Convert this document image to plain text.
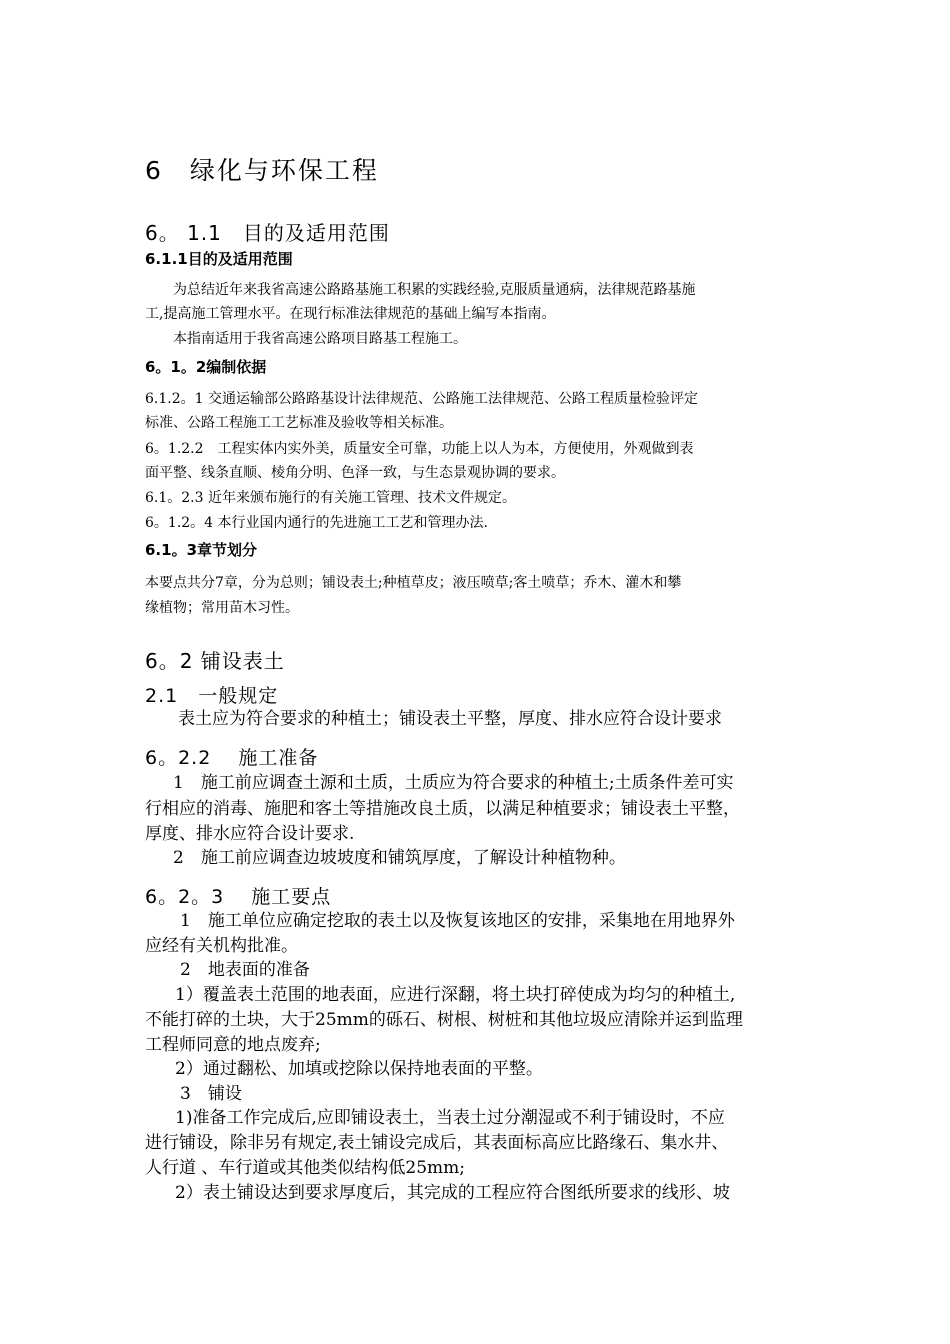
6　绿化与环保工程
6。 1.1　目的及适用范围
6.1.1目的及适用范围
为总结近年来我省高速公路路基施工积累的实践经验,克服质量通病，法律规范路基施
工,提高施工管理水平。在现行标准法律规范的基础上编写本指南。
本指南适用于我省高速公路项目路基工程施工。
6。1。2编制依据
6.1.2。1 交通运输部公路路基设计法律规范、公路施工法律规范、公路工程质量检验评定
标准、公路工程施工工艺标准及验收等相关标准。
6。1.2.2　工程实体内实外美，质量安全可靠，功能上以人为本，方便使用，外观做到表
面平整、线条直顺、棱角分明、色泽一致，与生态景观协调的要求。
6.1。2.3 近年来颁布施行的有关施工管理、技术文件规定。
6。1.2。4 本行业国内通行的先进施工工艺和管理办法.
6.1。3章节划分
本要点共分7章，分为总则；铺设表土;种植草皮；液压喷草;客土喷草；乔木、灌木和攀
缘植物；常用苗木习性。
6。2 铺设表土
2.1　一般规定
表土应为符合要求的种植土；铺设表土平整，厚度、排水应符合设计要求
6。2.2　 施工准备
1　施工前应调查土源和土质，土质应为符合要求的种植土;土质条件差可实
行相应的消毒、施肥和客土等措施改良土质，以满足种植要求；铺设表土平整，
厚度、排水应符合设计要求.
2　施工前应调查边坡坡度和铺筑厚度，了解设计种植物种。
6。2。3　 施工要点
1　施工单位应确定挖取的表土以及恢复该地区的安排，采集地在用地界外
应经有关机构批准。
2　地表面的准备
1）覆盖表土范围的地表面，应进行深翻，将土块打碎使成为均匀的种植土,
不能打碎的土块，大于25mm的砾石、树根、树桩和其他垃圾应清除并运到监理
工程师同意的地点废弃;
2）通过翻松、加填或挖除以保持地表面的平整。
3　铺设
1)准备工作完成后,应即铺设表土，当表土过分潮湿或不利于铺设时，不应
进行铺设，除非另有规定,表土铺设完成后，其表面标高应比路缘石、集水井、
人行道 、车行道或其他类似结构低25mm;
2）表土铺设达到要求厚度后，其完成的工程应符合图纸所要求的线形、坡
